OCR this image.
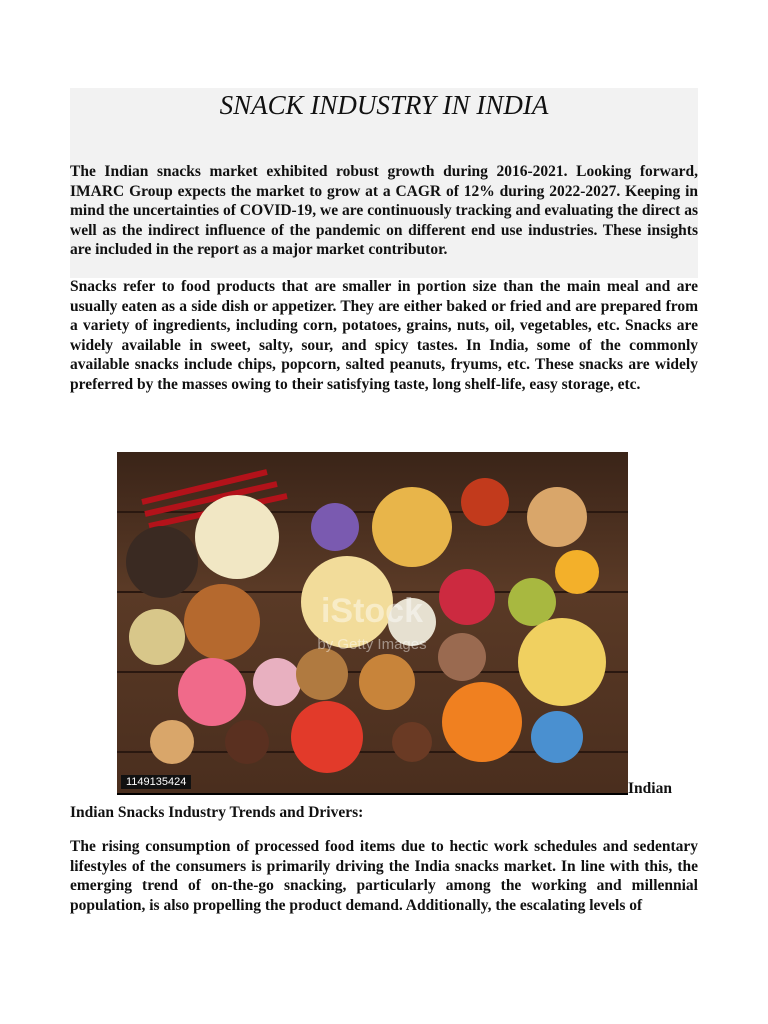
SNACK INDUSTRY IN INDIA

The Indian snacks market exhibited robust growth during 2016-2021. Looking forward, IMARC Group expects the market to grow at a CAGR of 12% during 2022-2027. Keeping in mind the uncertainties of COVID-19, we are continuously tracking and evaluating the direct as well as the indirect influence of the pandemic on different end use industries. These insights are included in the report as a major market contributor.

Snacks refer to food products that are smaller in portion size than the main meal and are usually eaten as a side dish or appetizer. They are either baked or fried and are prepared from a variety of ingredients, including corn, potatoes, grains, nuts, oil, vegetables, etc. Snacks are widely available in sweet, salty, sour, and spicy tastes. In India, some of the commonly available snacks include chips, popcorn, salted peanuts, fryums, etc. These snacks are widely preferred by the masses owing to their satisfying taste, long shelf-life, easy storage, etc.

iStock
by Getty Images
1149135424	Indian
Indian Snacks Industry Trends and Drivers:

The rising consumption of processed food items due to hectic work schedules and sedentary lifestyles of the consumers is primarily driving the India snacks market. In line with this, the emerging trend of on-the-go snacking, particularly among the working and millennial population, is also propelling the product demand. Additionally, the escalating levels of
